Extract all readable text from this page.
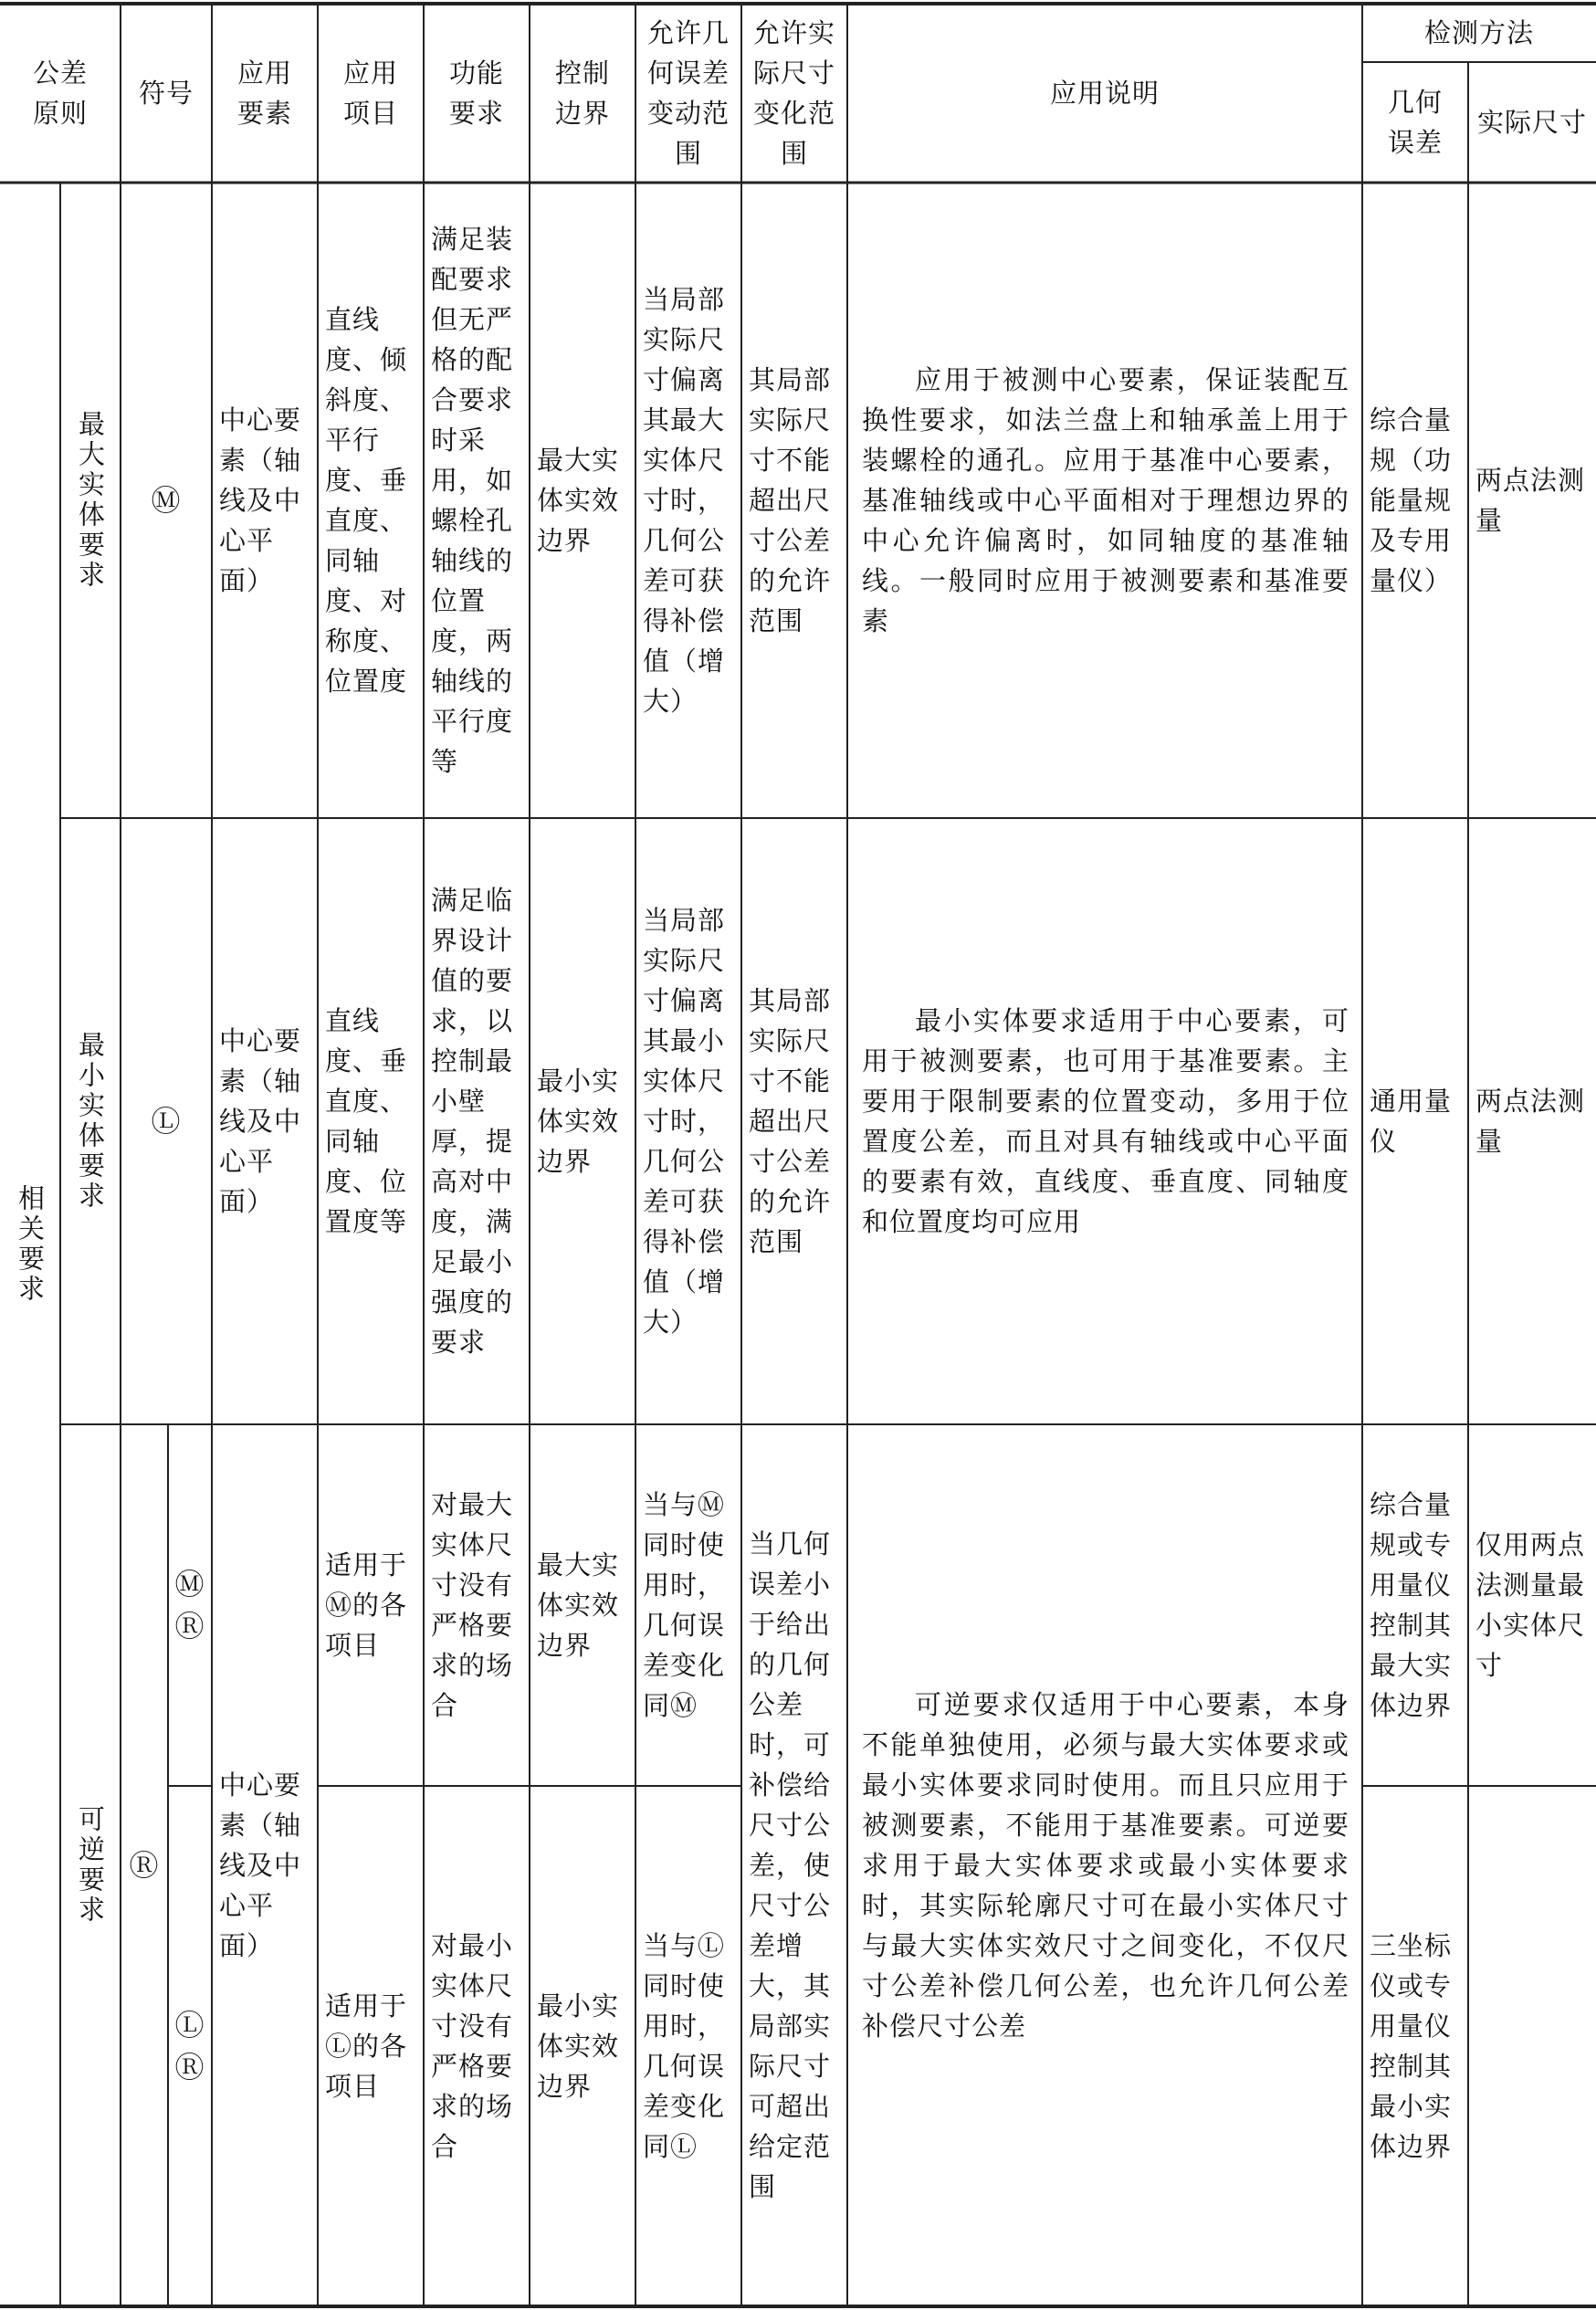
公差原则
符号
应用要素
应用项目
功能要求
控制边界
允许几何误差变动范围
允许实际尺寸变化范围
应用说明
检测方法
几何误差
实际尺寸
相关要求
最大实体要求	Ⓜ
中心要素（轴线及中心平面）
直线度、倾斜度、平行度、垂直度、同轴度、对称度、位置度
满足装配要求但无严格的配合要求时采用，如螺栓孔轴线的位置度，两轴线的平行度等
最大实体实效边界
当局部实际尺寸偏离其最大实体尺寸时，几何公差可获得补偿值（增大）
其局部实际尺寸不能超出尺寸公差的允许范围
应用于被测中心要素，保证装配互换性要求，如法兰盘上和轴承盖上用于装螺栓的通孔。应用于基准中心要素，基准轴线或中心平面相对于理想边界的中心允许偏离时，如同轴度的基准轴线。一般同时应用于被测要素和基准要素
综合量规（功能量规及专用量仪）
两点法测量
最小实体要求	Ⓛ
中心要素（轴线及中心平面）
直线度、垂直度、同轴度、位置度等
满足临界设计值的要求，以控制最小壁厚，提高对中度，满足最小强度的要求
最小实体实效边界
当局部实际尺寸偏离其最小实体尺寸时，几何公差可获得补偿值（增大）
其局部实际尺寸不能超出尺寸公差的允许范围
最小实体要求适用于中心要素，可用于被测要素，也可用于基准要素。主要用于限制要素的位置变动，多用于位置度公差，而且对具有轴线或中心平面的要素有效，直线度、垂直度、同轴度和位置度均可应用
通用量仪
两点法测量
可逆要求 Ⓡ
Ⓜ
Ⓡ
适用于Ⓜ的各项目
对最大实体尺寸没有严格要求的场合
最大实体实效边界
当与Ⓜ同时使用时，几何误差变化同Ⓜ
综合量规或专用量仪控制其最大实体边界
仅用两点法测量最小实体尺寸
Ⓛ
Ⓡ
适用于Ⓛ的各项目
对最小实体尺寸没有严格要求的场合
最小实体实效边界
当与Ⓛ同时使用时，几何误差变化同Ⓛ
三坐标仪或专用量仪控制其最小实体边界
中心要素（轴线及中心平面）
当几何误差小于给出的几何公差时，可补偿给尺寸公差，使尺寸公差增大，其局部实际尺寸可超出给定范围
可逆要求仅适用于中心要素，本身不能单独使用，必须与最大实体要求或最小实体要求同时使用。而且只应用于被测要素，不能用于基准要素。可逆要求用于最大实体要求或最小实体要求时，其实际轮廓尺寸可在最小实体尺寸与最大实体实效尺寸之间变化，不仅尺寸公差补偿几何公差，也允许几何公差补偿尺寸公差
